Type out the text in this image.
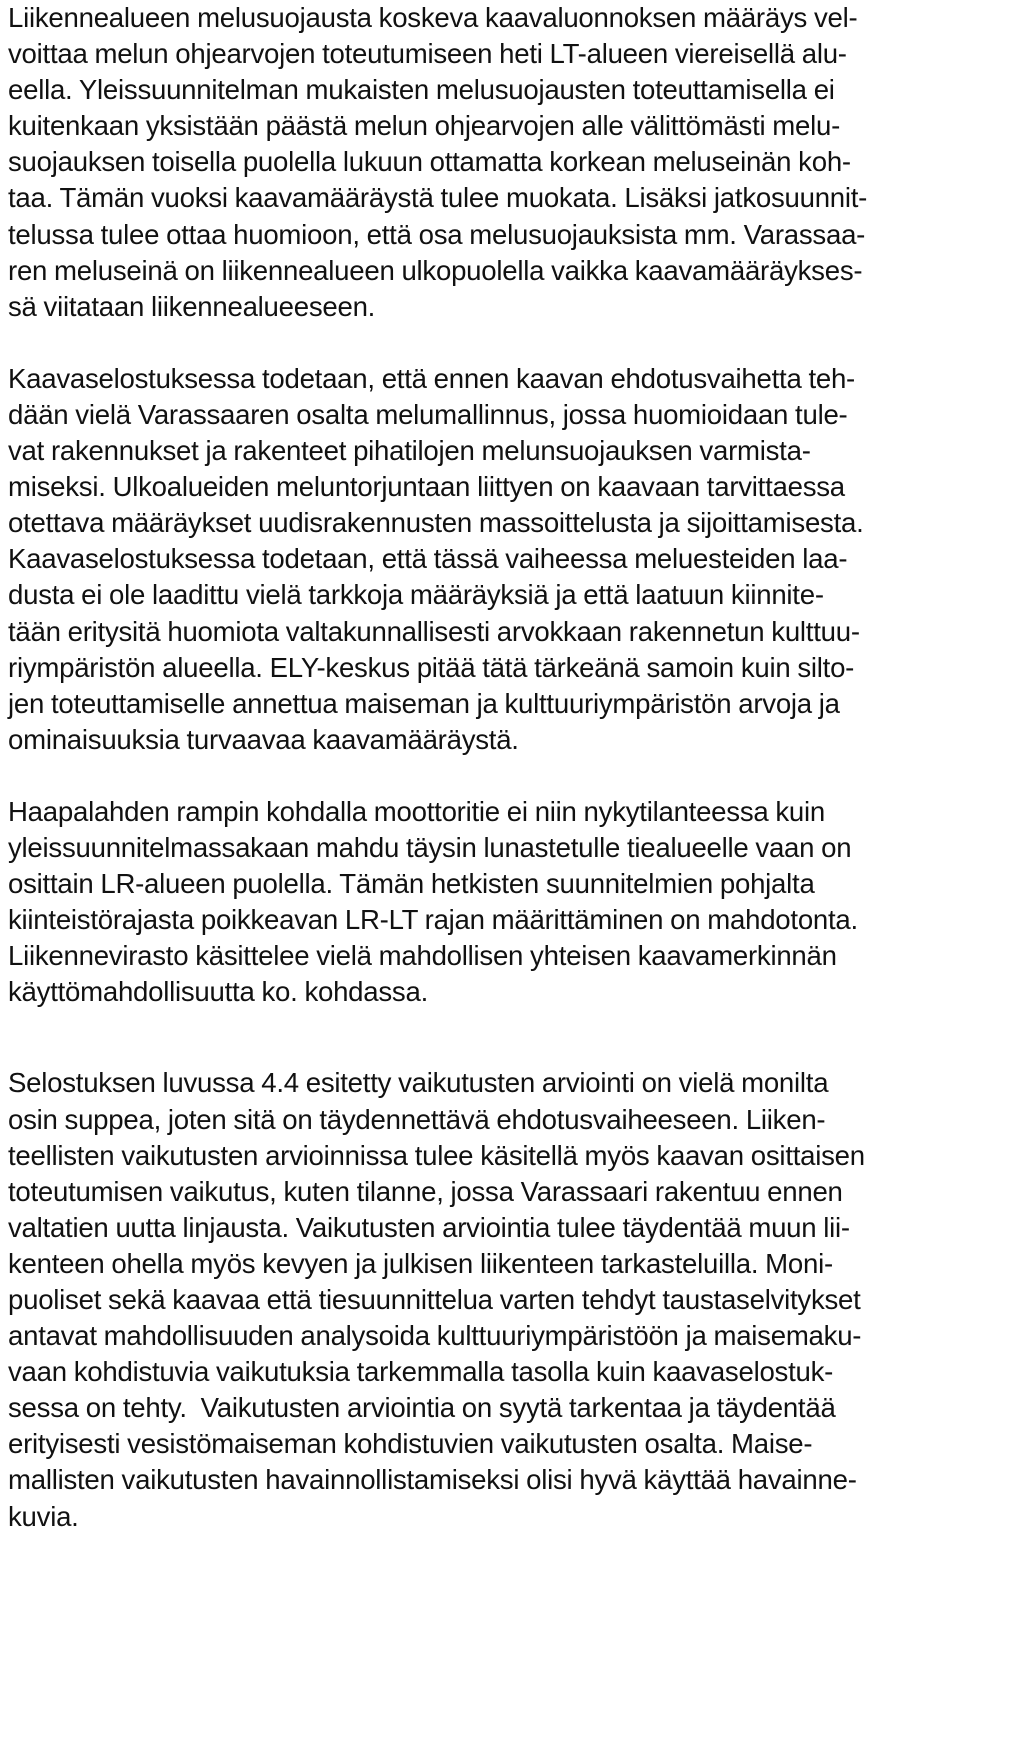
Liikennealueen melusuojausta koskeva kaavaluonnoksen määräys vel-
voittaa melun ohjearvojen toteutumiseen heti LT-alueen viereisellä alu-
eella. Yleissuunnitelman mukaisten melusuojausten toteuttamisella ei
kuitenkaan yksistään päästä melun ohjearvojen alle välittömästi melu-
suojauksen toisella puolella lukuun ottamatta korkean meluseinän koh-
taa. Tämän vuoksi kaavamääräystä tulee muokata. Lisäksi jatkosuunnit-
telussa tulee ottaa huomioon, että osa melusuojauksista mm. Varassaa-
ren meluseinä on liikennealueen ulkopuolella vaikka kaavamääräykses-
sä viitataan liikennealueeseen.
Kaavaselostuksessa todetaan, että ennen kaavan ehdotusvaihetta teh-
dään vielä Varassaaren osalta melumallinnus, jossa huomioidaan tule-
vat rakennukset ja rakenteet pihatilojen melunsuojauksen varmista-
miseksi. Ulkoalueiden meluntorjuntaan liittyen on kaavaan tarvittaessa
otettava määräykset uudisrakennusten massoittelusta ja sijoittamisesta.
Kaavaselostuksessa todetaan, että tässä vaiheessa meluesteiden laa-
dusta ei ole laadittu vielä tarkkoja määräyksiä ja että laatuun kiinnite-
tään eritysitä huomiota valtakunnallisesti arvokkaan rakennetun kulttuu-
riympäristön alueella. ELY-keskus pitää tätä tärkeänä samoin kuin silto-
jen toteuttamiselle annettua maiseman ja kulttuuriympäristön arvoja ja
ominaisuuksia turvaavaa kaavamääräystä.
Haapalahden rampin kohdalla moottoritie ei niin nykytilanteessa kuin
yleissuunnitelmassakaan mahdu täysin lunastetulle tiealueelle vaan on
osittain LR-alueen puolella. Tämän hetkisten suunnitelmien pohjalta
kiinteistörajasta poikkeavan LR-LT rajan määrittäminen on mahdotonta.
Liikennevirasto käsittelee vielä mahdollisen yhteisen kaavamerkinnän
käyttömahdollisuutta ko. kohdassa.
Selostuksen luvussa 4.4 esitetty vaikutusten arviointi on vielä monilta
osin suppea, joten sitä on täydennettävä ehdotusvaiheeseen. Liiken-
teellisten vaikutusten arvioinnissa tulee käsitellä myös kaavan osittaisen
toteutumisen vaikutus, kuten tilanne, jossa Varassaari rakentuu ennen
valtatien uutta linjausta. Vaikutusten arviointia tulee täydentää muun lii-
kenteen ohella myös kevyen ja julkisen liikenteen tarkasteluilla. Moni-
puoliset sekä kaavaa että tiesuunnittelua varten tehdyt taustaselvitykset
antavat mahdollisuuden analysoida kulttuuriympäristöön ja maisemaku-
vaan kohdistuvia vaikutuksia tarkemmalla tasolla kuin kaavaselostuk-
sessa on tehty.  Vaikutusten arviointia on syytä tarkentaa ja täydentää
erityisesti vesistömaiseman kohdistuvien vaikutusten osalta. Maise-
mallisten vaikutusten havainnollistamiseksi olisi hyvä käyttää havainne-
kuvia.
